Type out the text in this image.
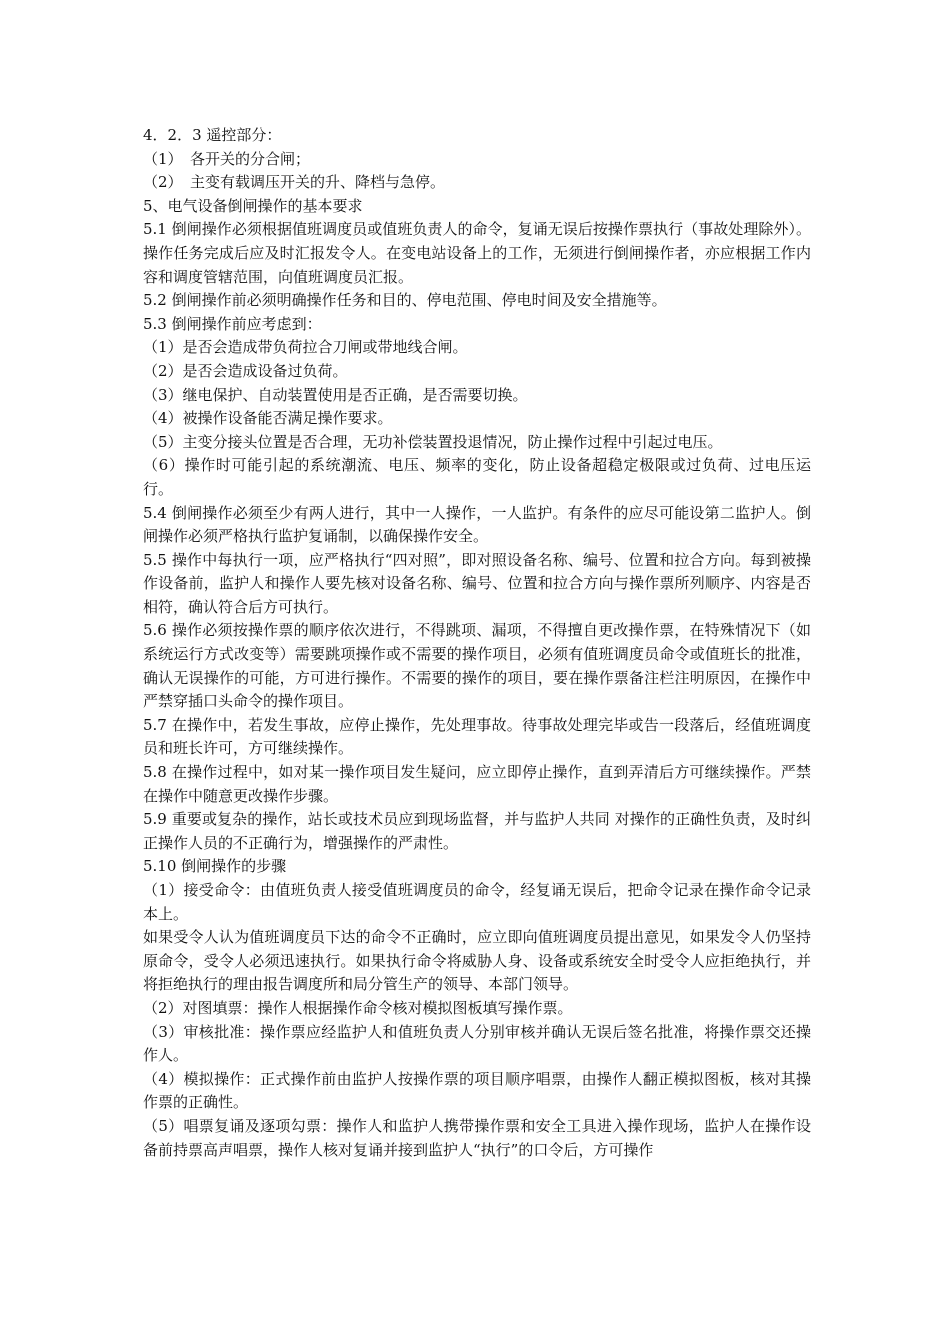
4．2．3 遥控部分：

（1）　各开关的分合闸；

（2）　主变有载调压开关的升、降档与急停。

5、电气设备倒闸操作的基本要求

5.1 倒闸操作必须根据值班调度员或值班负责人的命令，复诵无误后按操作票执行（事故处理除外）。操作任务完成后应及时汇报发令人。在变电站设备上的工作，无须进行倒闸操作者，亦应根据工作内容和调度管辖范围，向值班调度员汇报。

5.2 倒闸操作前必须明确操作任务和目的、停电范围、停电时间及安全措施等。

5.3 倒闸操作前应考虑到：

（1）是否会造成带负荷拉合刀闸或带地线合闸。

（2）是否会造成设备过负荷。

（3）继电保护、自动装置使用是否正确，是否需要切换。

（4）被操作设备能否满足操作要求。

（5）主变分接头位置是否合理，无功补偿装置投退情况，防止操作过程中引起过电压。

（6）操作时可能引起的系统潮流、电压、频率的变化，防止设备超稳定极限或过负荷、过电压运行。

5.4 倒闸操作必须至少有两人进行，其中一人操作，一人监护。有条件的应尽可能设第二监护人。倒闸操作必须严格执行监护复诵制，以确保操作安全。

5.5 操作中每执行一项，应严格执行“四对照”，即对照设备名称、编号、位置和拉合方向。每到被操作设备前，监护人和操作人要先核对设备名称、编号、位置和拉合方向与操作票所列顺序、内容是否相符，确认符合后方可执行。

5.6 操作必须按操作票的顺序依次进行，不得跳项、漏项，不得擅自更改操作票，在特殊情况下（如系统运行方式改变等）需要跳项操作或不需要的操作项目，必须有值班调度员命令或值班长的批准，确认无误操作的可能，方可进行操作。不需要的操作的项目，要在操作票备注栏注明原因，在操作中严禁穿插口头命令的操作项目。

5.7 在操作中，若发生事故，应停止操作，先处理事故。待事故处理完毕或告一段落后，经值班调度员和班长许可，方可继续操作。

5.8 在操作过程中，如对某一操作项目发生疑问，应立即停止操作，直到弄清后方可继续操作。严禁在操作中随意更改操作步骤。

5.9 重要或复杂的操作，站长或技术员应到现场监督，并与监护人共同 对操作的正确性负责，及时纠正操作人员的不正确行为，增强操作的严肃性。

5.10 倒闸操作的步骤

（1）接受命令：由值班负责人接受值班调度员的命令，经复诵无误后，把命令记录在操作命令记录本上。

如果受令人认为值班调度员下达的命令不正确时，应立即向值班调度员提出意见，如果发令人仍坚持原命令，受令人必须迅速执行。如果执行命令将威胁人身、设备或系统安全时受令人应拒绝执行，并将拒绝执行的理由报告调度所和局分管生产的领导、本部门领导。

（2）对图填票：操作人根据操作命令核对模拟图板填写操作票。

（3）审核批准：操作票应经监护人和值班负责人分别审核并确认无误后签名批准，将操作票交还操作人。

（4）模拟操作：正式操作前由监护人按操作票的项目顺序唱票，由操作人翻正模拟图板，核对其操作票的正确性。

（5）唱票复诵及逐项勾票：操作人和监护人携带操作票和安全工具进入操作现场，监护人在操作设备前持票高声唱票，操作人核对复诵并接到监护人“执行”的口令后，方可操作
